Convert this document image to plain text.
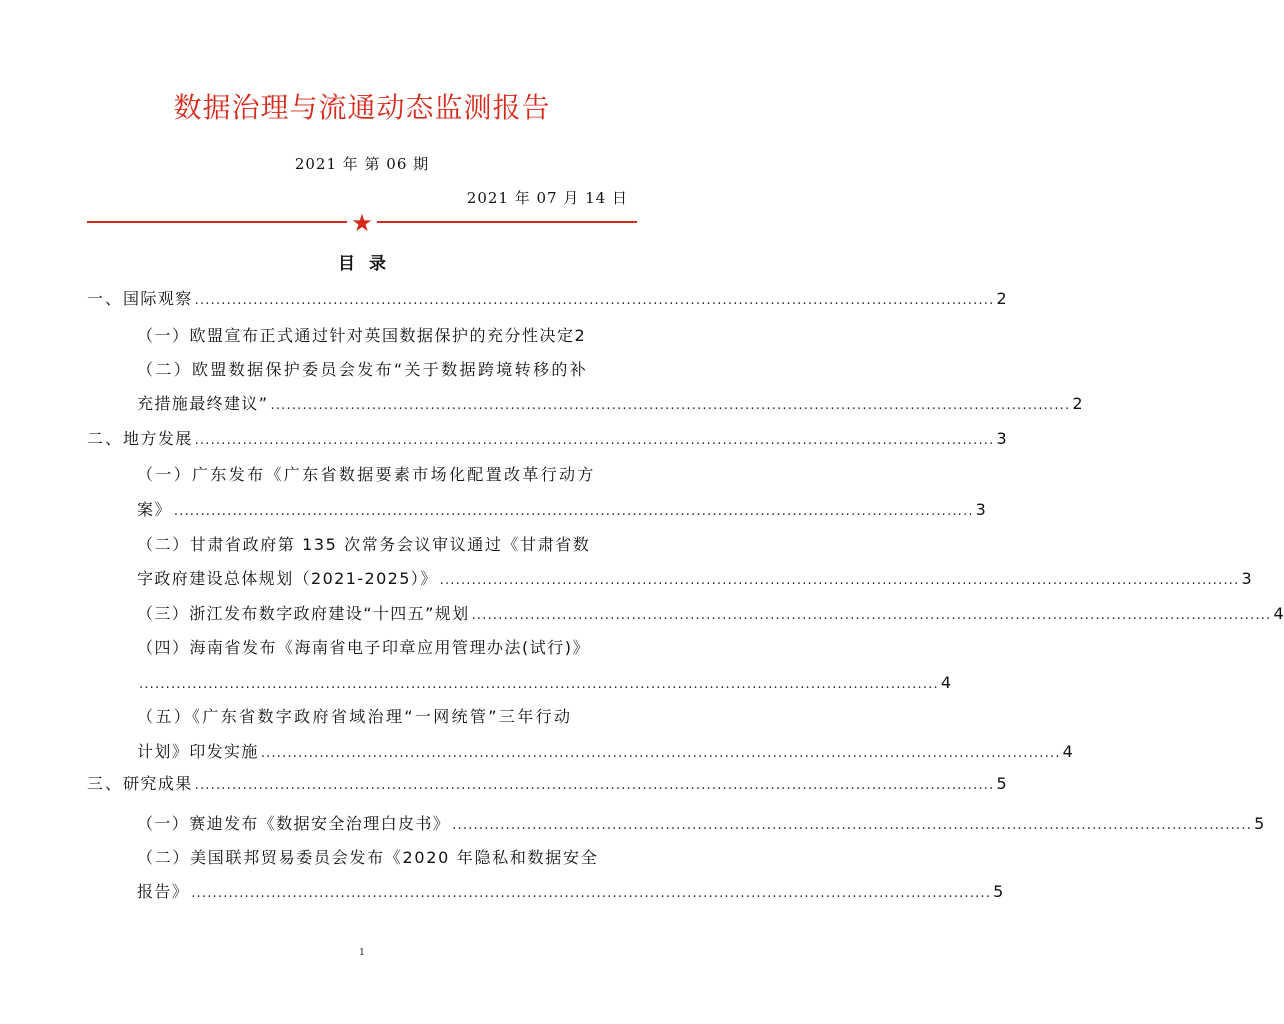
数据治理与流通动态监测报告
2021 年 第 06 期
2021 年 07 月 14 日
★
目录
一、 国际观察 ...................................................................................................................................................... 2
（一）欧盟宣布正式通过针对英国数据保护的充分性决定 2
（二）欧盟数据保护委员会发布“关于数据跨境转移的补
充措施最终建议” ...................................................................................................................................................... 2
二、 地方发展 ...................................................................................................................................................... 3
（一）广东发布《广东省数据要素市场化配置改革行动方
案》 ...................................................................................................................................................... 3
（二）甘肃省政府第 135 次常务会议审议通过《甘肃省数
字政府建设总体规划（2021-2025）》 ...................................................................................................................................................... 3
（三）浙江发布数字政府建设“十四五”规划 ...................................................................................................................................................... 4
（四）海南省发布《海南省电子印章应用管理办法(试行)》
...................................................................................................................................................... 4
（五）《广东省数字政府省域治理“一网统管”三年行动
计划》印发实施 ...................................................................................................................................................... 4
三、 研究成果 ...................................................................................................................................................... 5
（一）赛迪发布《数据安全治理白皮书》 ...................................................................................................................................................... 5
（二）美国联邦贸易委员会发布《2020 年隐私和数据安全
报告》 ...................................................................................................................................................... 5
1
